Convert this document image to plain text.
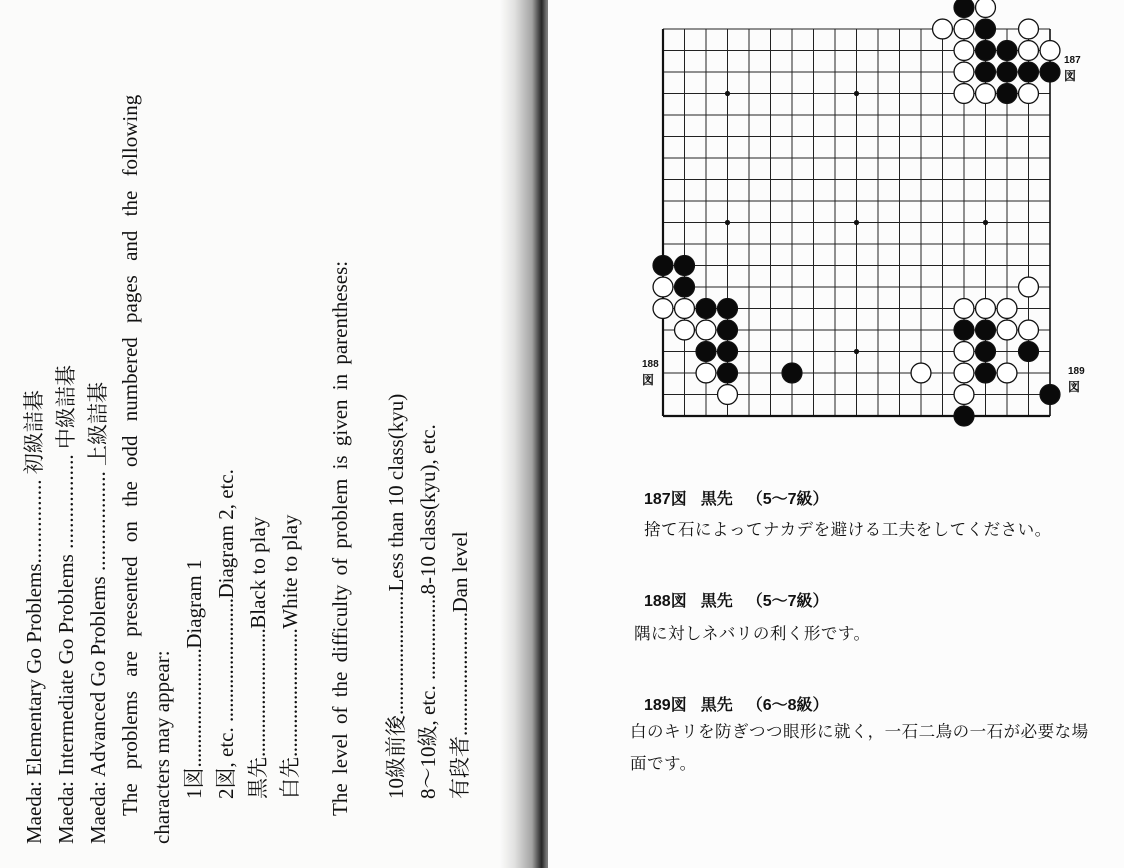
Maeda: Elementary Go Problems................ 初級詰碁
Maeda: Intermediate Go Problems .................. 中級詰碁
Maeda: Advanced Go Problems ................... 上級詰碁 The problems are presented on the odd numbered pages and the following characters may appear: 1図.........................Diagram 1
2図, etc. ..........................Diagram 2, etc.
黒先...........................Black to play
白先...........................White to play The level of the difficulty of problem is given in parentheses: 10級前後..........................Less than 10 class(kyu)
8〜10級, etc. ..................8-10 class(kyu), etc.
有段者..........................Dan level
187
図
188
図
189
図
187図 黒先 （5〜7級）
捨て石によってナカデを避ける工夫をしてください。
188図 黒先 （5〜7級）
隅に対しネバリの利く形です。
189図 黒先 （6〜8級）
白のキリを防ぎつつ眼形に就く，一石二鳥の一石が必要な場面です。
